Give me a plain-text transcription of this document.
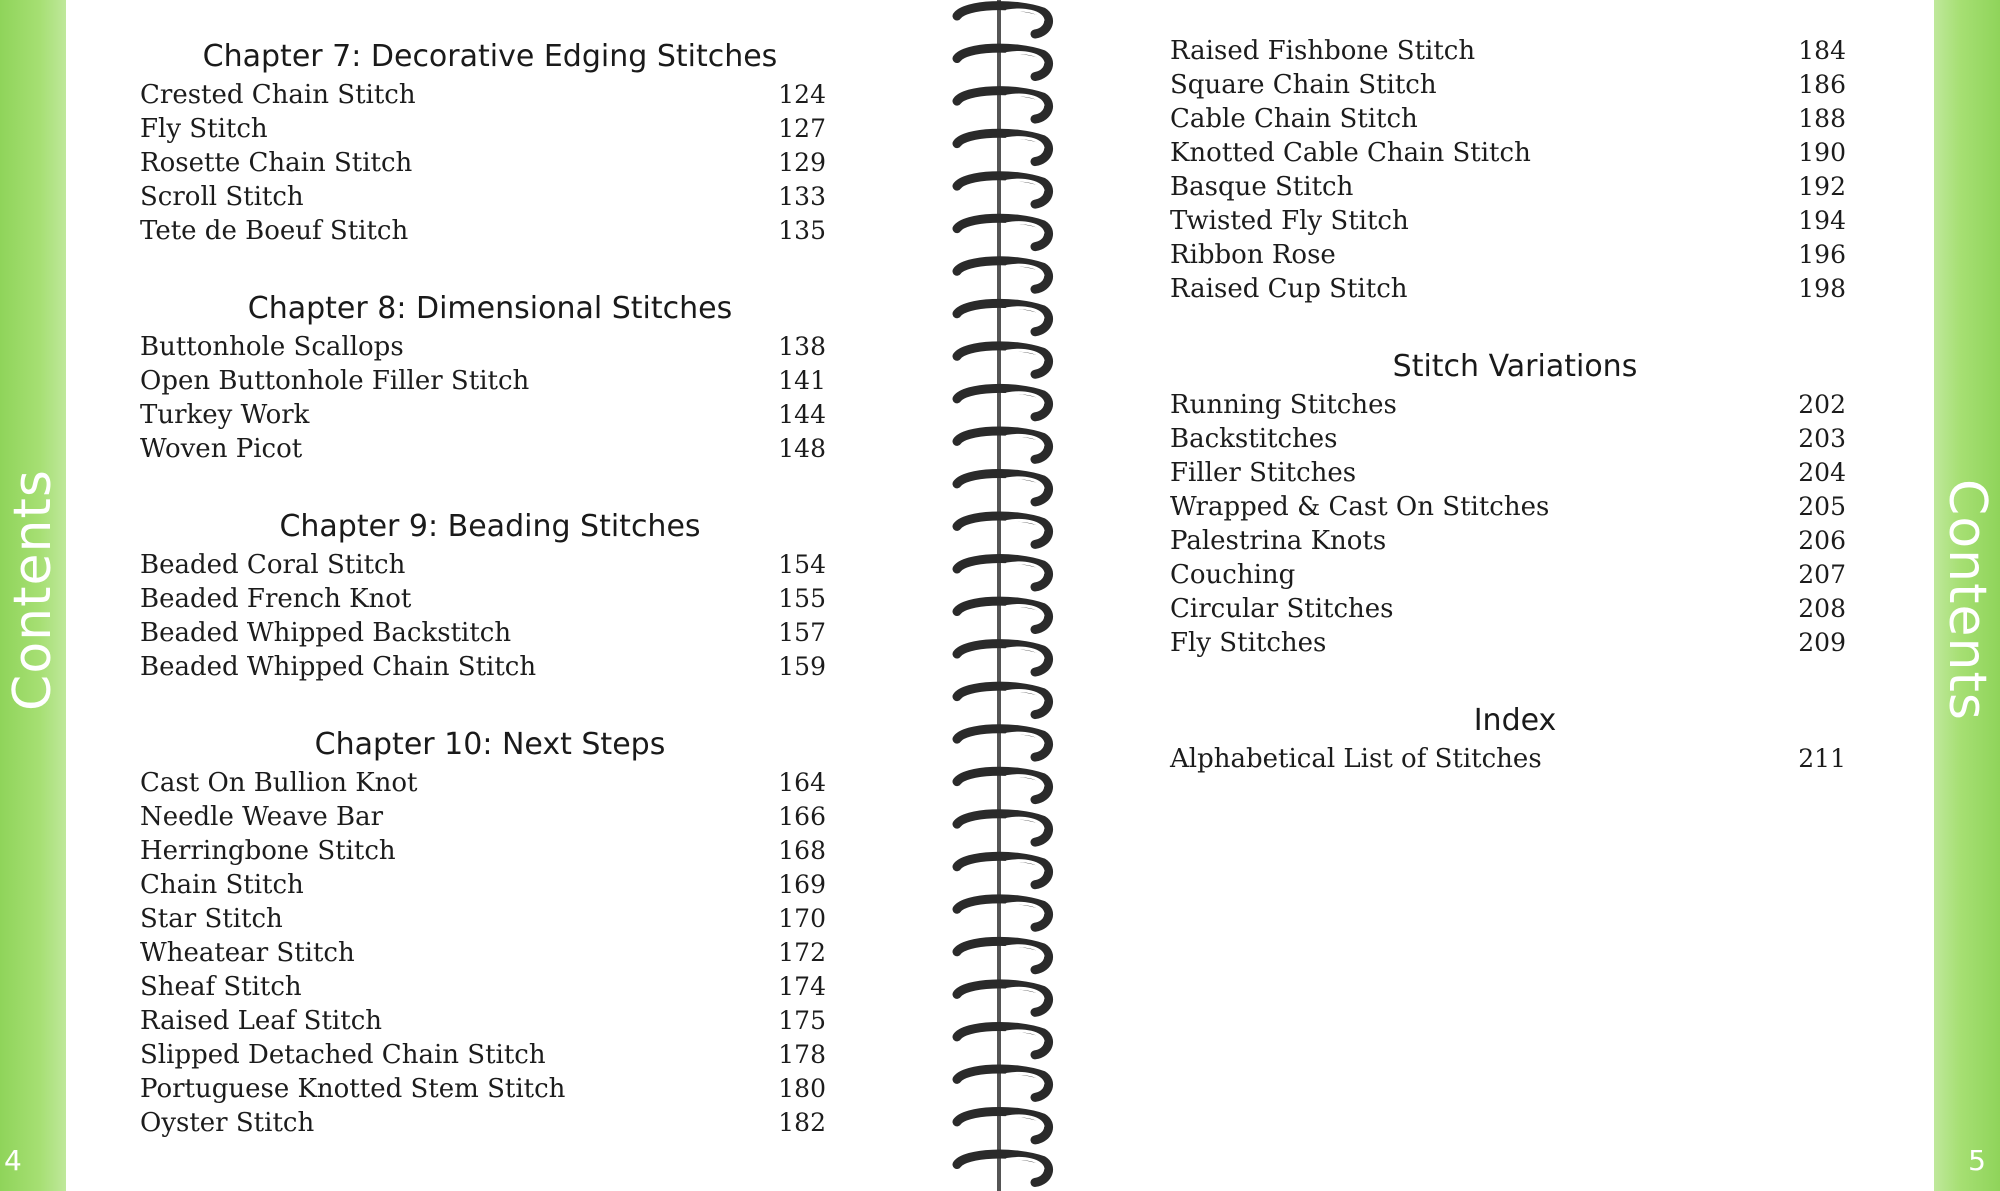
Contents	Contents
4	5
Chapter 7: Decorative Edging Stitches
Crested Chain Stitch	124
Fly Stitch	127
Rosette Chain Stitch	129
Scroll Stitch	133
Tete de Boeuf Stitch	135
Chapter 8: Dimensional Stitches
Buttonhole Scallops	138
Open Buttonhole Filler Stitch	141
Turkey Work	144
Woven Picot	148
Chapter 9: Beading Stitches
Beaded Coral Stitch	154
Beaded French Knot	155
Beaded Whipped Backstitch	157
Beaded Whipped Chain Stitch	159
Chapter 10: Next Steps
Cast On Bullion Knot	164
Needle Weave Bar	166
Herringbone Stitch	168
Chain Stitch	169
Star Stitch	170
Wheatear Stitch	172
Sheaf Stitch	174
Raised Leaf Stitch	175
Slipped Detached Chain Stitch	178
Portuguese Knotted Stem Stitch	180
Oyster Stitch	182
Raised Fishbone Stitch	184
Square Chain Stitch	186
Cable Chain Stitch	188
Knotted Cable Chain Stitch	190
Basque Stitch	192
Twisted Fly Stitch	194
Ribbon Rose	196
Raised Cup Stitch	198
Stitch Variations
Running Stitches	202
Backstitches	203
Filler Stitches	204
Wrapped & Cast On Stitches	205
Palestrina Knots	206
Couching	207
Circular Stitches	208
Fly Stitches	209
Index
Alphabetical List of Stitches	211
